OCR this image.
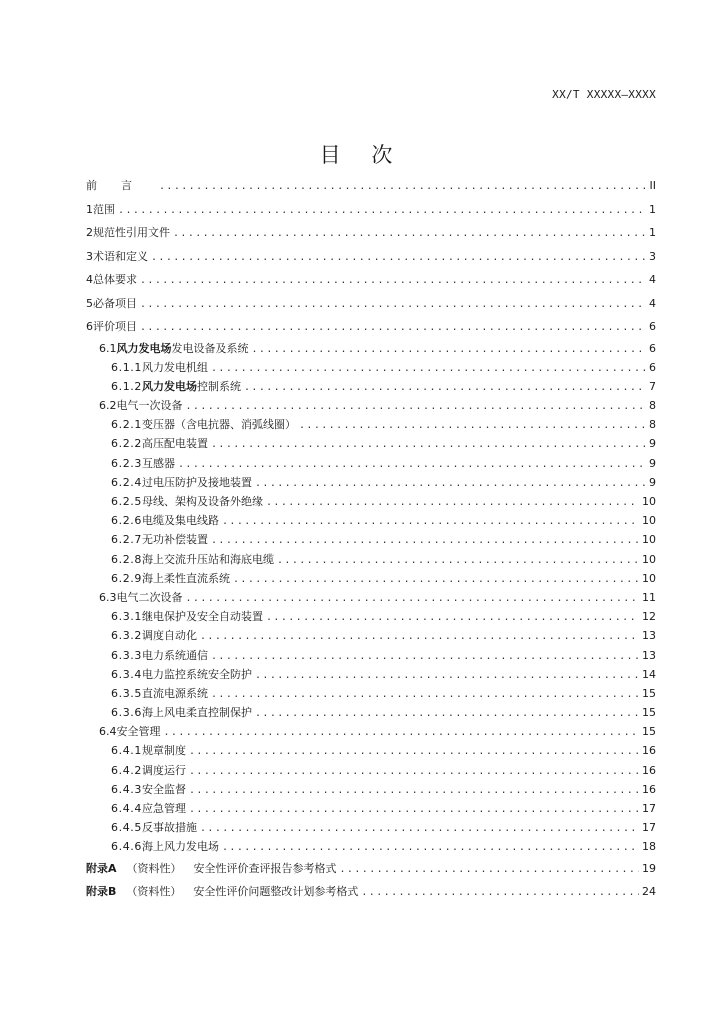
XX/T XXXXX—XXXX
目 次
前言 .....	II
1 范围 .....	1
2 规范性引用文件 .....	1
3 术语和定义 .....	3
4 总体要求 .....	4
5 必备项目 .....	4
6 评价项目 .....	6
6.1 风力发电场发电设备及系统 .....	6
6.1.1 风力发电机组 .....	6
6.1.2 风力发电场控制系统 .....	7
6.2 电气一次设备 .....	8
6.2.1 变压器（含电抗器、消弧线圈） .....	8
6.2.2 高压配电装置 .....	9
6.2.3 互感器 .....	9
6.2.4 过电压防护及接地装置 .....	9
6.2.5 母线、架构及设备外绝缘 .....	10
6.2.6 电缆及集电线路 .....	10
6.2.7 无功补偿装置 .....	10
6.2.8 海上交流升压站和海底电缆 .....	10
6.2.9 海上柔性直流系统 .....	10
6.3 电气二次设备 .....	11
6.3.1 继电保护及安全自动装置 .....	12
6.3.2 调度自动化 .....	13
6.3.3 电力系统通信 .....	13
6.3.4 电力监控系统安全防护 .....	14
6.3.5 直流电源系统 .....	15
6.3.6 海上风电柔直控制保护 .....	15
6.4 安全管理 .....	15
6.4.1 规章制度 .....	16
6.4.2 调度运行 .....	16
6.4.3 安全监督 .....	16
6.4.4 应急管理 .....	17
6.4.5 反事故措施 .....	17
6.4.6 海上风力发电场 .....	18
附录A （资料性） 安全性评价查评报告参考格式 .....	19
附录B （资料性） 安全性评价问题整改计划参考格式 .....	24
